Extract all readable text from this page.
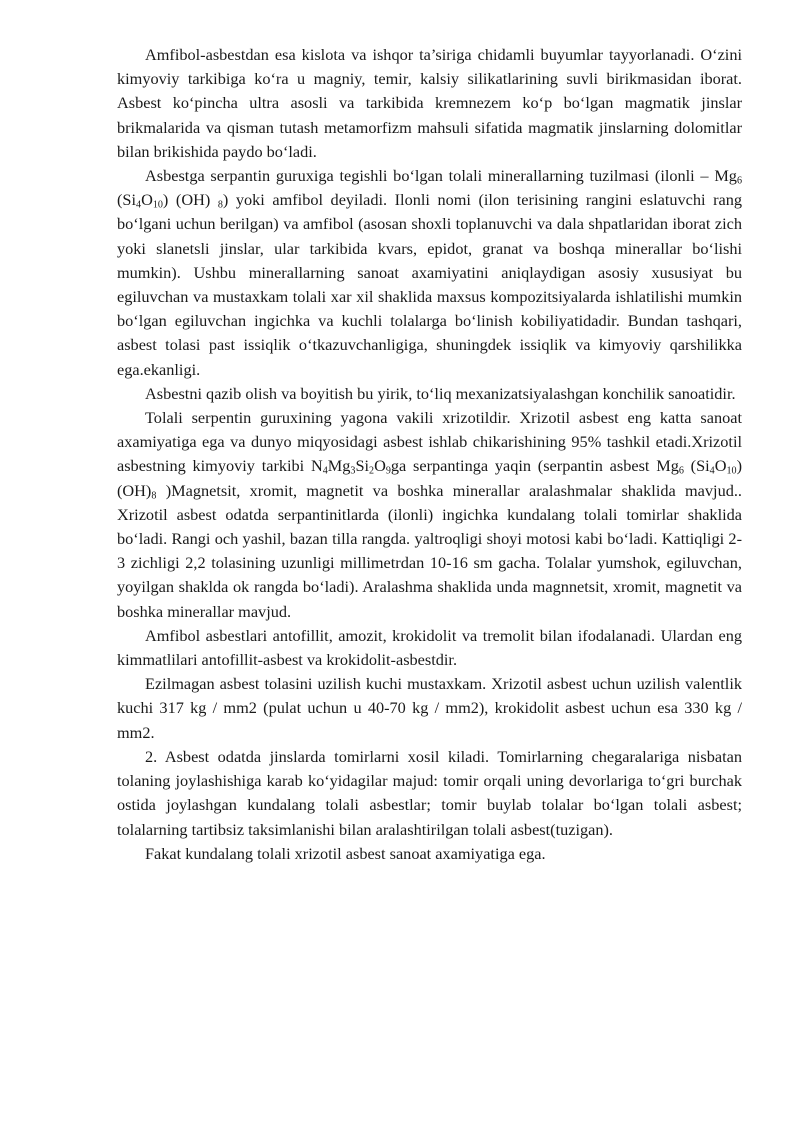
Amfibol-asbestdan esa kislota va ishqor ta’siriga chidamli buyumlar tayyorlanadi. O‘zini kimyoviy tarkibiga ko‘ra u magniy, temir, kalsiy silikatlarining suvli birikmasidan iborat. Asbest ko‘pincha ultra asosli va tarkibida kremnezem ko‘p bo‘lgan magmatik jinslar brikmalarida va qisman tutash metamorfizm mahsuli sifatida magmatik jinslarning dolomitlar bilan brikishida paydo bo‘ladi.

Asbestga serpantin guruxiga tegishli bo‘lgan tolali minerallarning tuzilmasi (ilonli – $Mg_6$ $(Si_4O_{10})$ (OH) $_8$) yoki amfibol deyiladi. Ilonli nomi (ilon terisining rangini eslatuvchi rang bo‘lgani uchun berilgan) va amfibol (asosan shoxli toplanuvchi va dala shpatlaridan iborat zich yoki slanetsli jinslar, ular tarkibida kvars, epidot, granat va boshqa minerallar bo‘lishi mumkin). Ushbu minerallarning sanoat axamiyatini aniqlaydigan asosiy xususiyat bu egiluvchan va mustaxkam tolali xar xil shaklida maxsus kompozitsiyalarda ishlatilishi mumkin bo‘lgan egiluvchan ingichka va kuchli tolalarga bo‘linish kobiliyatidadir. Bundan tashqari, asbest tolasi past issiqlik o‘tkazuvchanligiga, shuningdek issiqlik va kimyoviy qarshilikka ega.ekanligi.

Asbestni qazib olish va boyitish bu yirik, to‘liq mexanizatsiyalashgan konchilik sanoatidir.

Tolali serpentin guruxining yagona vakili xrizotildir. Xrizotil asbest eng katta sanoat axamiyatiga ega va dunyo miqyosidagi asbest ishlab chikarishining 95% tashkil etadi.Xrizotil asbestning kimyoviy tarkibi $N_4Mg_3Si_2O_9ga$ serpantinga yaqin (serpantin asbest $Mg_6$ $(Si_4O_{10})$ $(OH)_8$ )Magnetsit, xromit, magnetit va boshka minerallar aralashmalar shaklida mavjud.. Xrizotil asbest odatda serpantinitlarda (ilonli) ingichka kundalang tolali tomirlar shaklida bo‘ladi. Rangi och yashil, bazan tilla rangda. yaltroqligi shoyi motosi kabi bo‘ladi. Kattiqligi 2-3 zichligi 2,2 tolasining uzunligi millimetrdan 10-16 sm gacha. Tolalar yumshok, egiluvchan, yoyilgan shaklda ok rangda bo‘ladi). Aralashma shaklida unda magnnetsit, xromit, magnetit va boshka minerallar mavjud.

Amfibol asbestlari antofillit, amozit, krokidolit va tremolit bilan ifodalanadi. Ulardan eng kimmatlilari antofillit-asbest va krokidolit-asbestdir.

Ezilmagan asbest tolasini uzilish kuchi mustaxkam. Xrizotil asbest uchun uzilish valentlik kuchi 317 kg / mm2 (pulat uchun u 40-70 kg / mm2), krokidolit asbest uchun esa 330 kg / mm2.

2. Asbest odatda jinslarda tomirlarni xosil kiladi. Tomirlarning chegaralariga nisbatan tolaning joylashishiga karab ko‘yidagilar majud: tomir orqali uning devorlariga to‘gri burchak ostida joylashgan kundalang tolali asbestlar; tomir buylab tolalar bo‘lgan tolali asbest; tolalarning tartibsiz taksimlanishi bilan aralashtirilgan tolali asbest(tuzigan).

Fakat kundalang tolali xrizotil asbest sanoat axamiyatiga ega.
